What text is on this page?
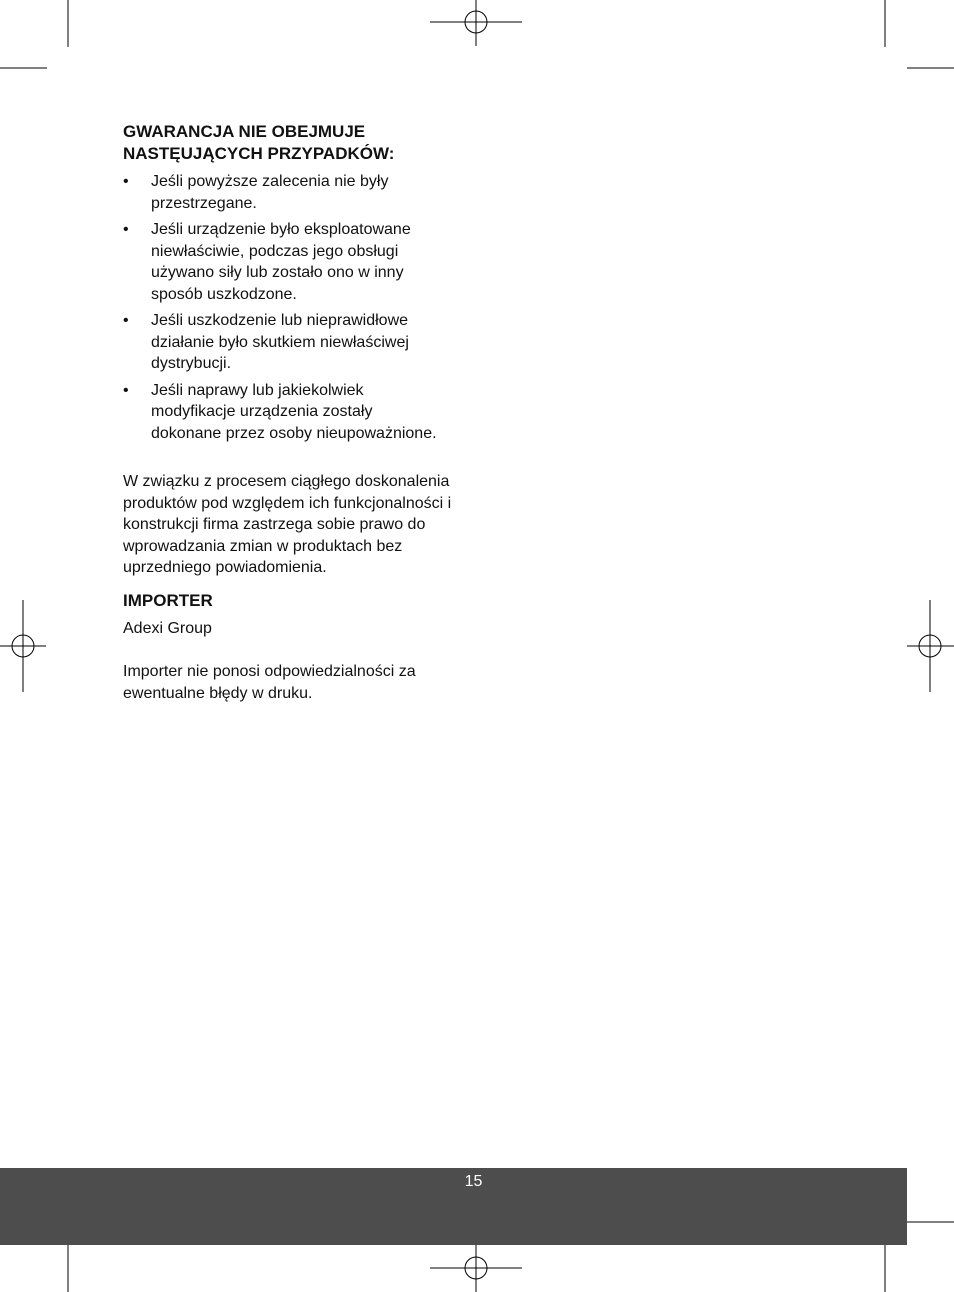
GWARANCJA NIE OBEJMUJE NASTĘUJĄCYCH PRZYPADKÓW:
• Jeśli powyższe zalecenia nie były przestrzegane.
• Jeśli urządzenie było eksploatowane niewłaściwie, podczas jego obsługi używano siły lub zostało ono w inny sposób uszkodzone.
• Jeśli uszkodzenie lub nieprawidłowe działanie było skutkiem niewłaściwej dystrybucji.
• Jeśli naprawy lub jakiekolwiek modyfikacje urządzenia zostały dokonane przez osoby nieupoważnione.

W związku z procesem ciągłego doskonalenia produktów pod względem ich funkcjonalności i konstrukcji firma zastrzega sobie prawo do wprowadzania zmian w produktach bez uprzedniego powiadomienia.

IMPORTER

Adexi Group

Importer nie ponosi odpowiedzialności za ewentualne błędy w druku.

15
